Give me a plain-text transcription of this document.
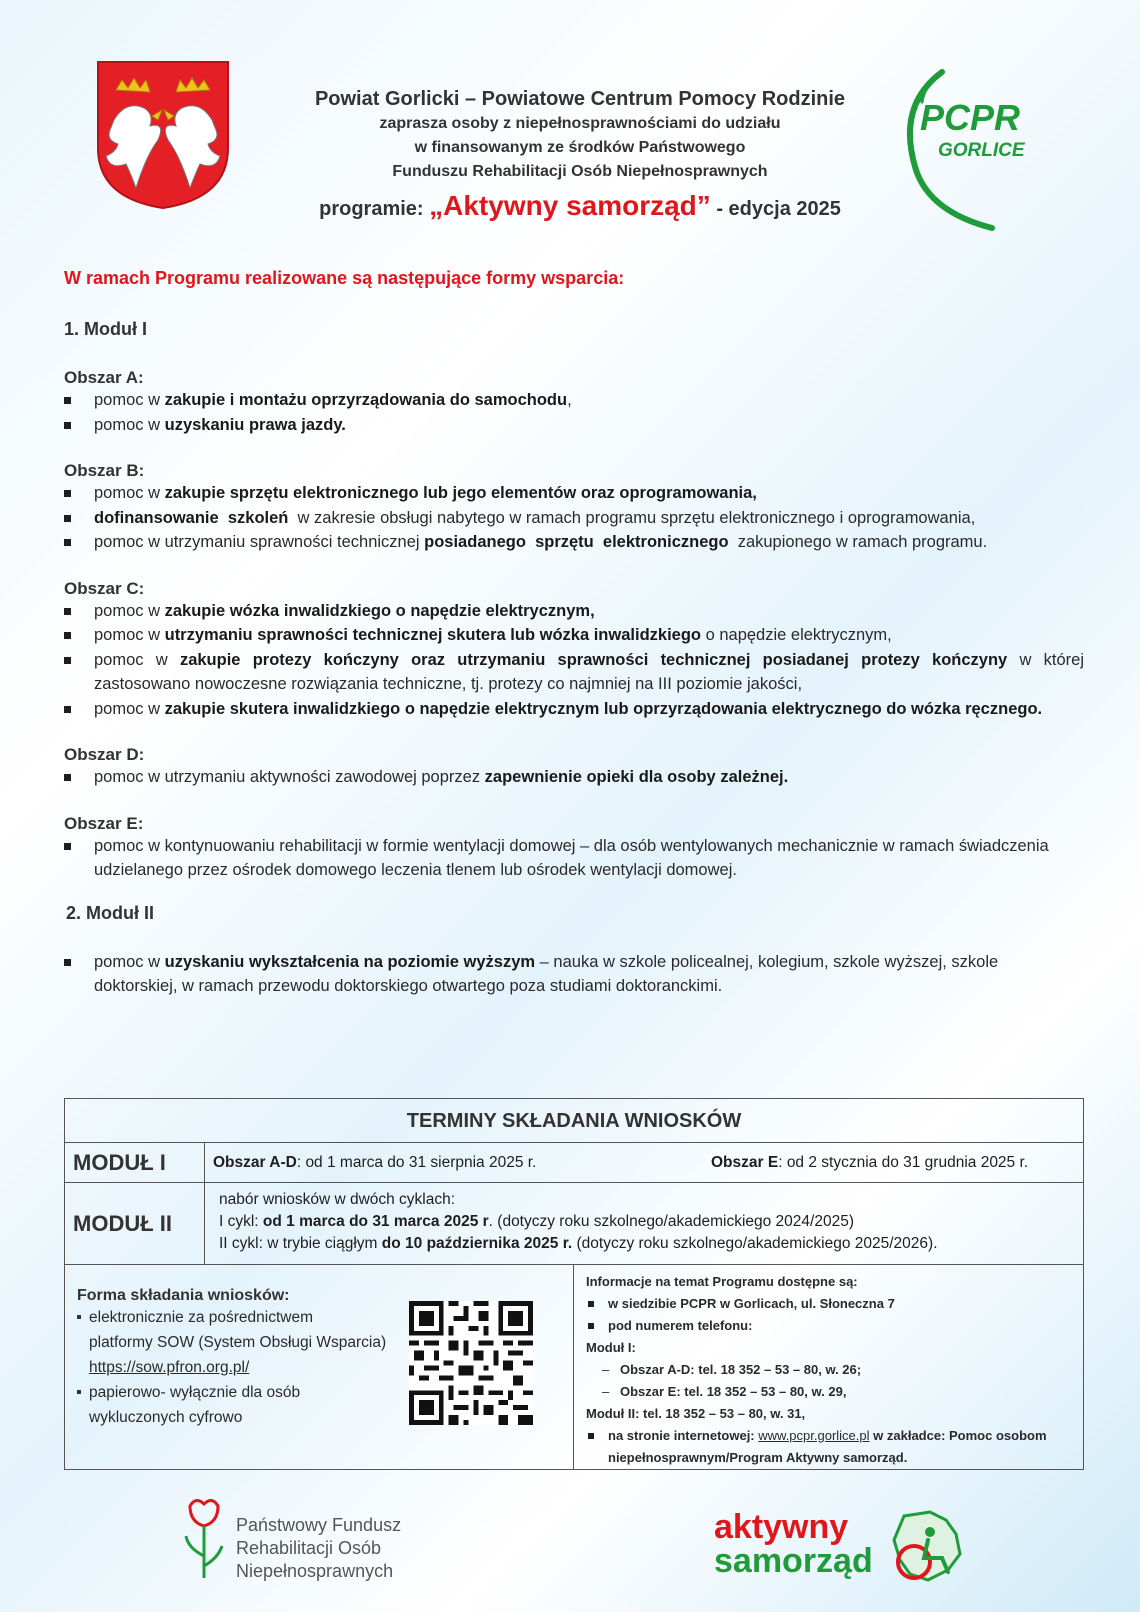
Powiat Gorlicki – Powiatowe Centrum Pomocy Rodzinie
zaprasza osoby z niepełnosprawnościami do udziału
w finansowanym ze środków Państwowego
Funduszu Rehabilitacji Osób Niepełnosprawnych
programie: „Aktywny samorząd” - edycja 2025
PCPR
GORLICE
W ramach Programu realizowane są następujące formy wsparcia:
1. Moduł I
Obszar A:
pomoc w zakupie i montażu oprzyrządowania do samochodu,
pomoc w uzyskaniu prawa jazdy.
Obszar B:
pomoc w zakupie sprzętu elektronicznego lub jego elementów oraz oprogramowania,
dofinansowanie  szkoleń  w zakresie obsługi nabytego w ramach programu sprzętu elektronicznego i oprogramowania,
pomoc w utrzymaniu sprawności technicznej posiadanego  sprzętu  elektronicznego  zakupionego w ramach programu.
Obszar C:
pomoc w zakupie wózka inwalidzkiego o napędzie elektrycznym,
pomoc w utrzymaniu sprawności technicznej skutera lub wózka inwalidzkiego o napędzie elektrycznym,
pomoc w zakupie protezy kończyny oraz utrzymaniu sprawności technicznej posiadanej protezy kończyny w której zastosowano nowoczesne rozwiązania techniczne, tj. protezy co najmniej na III poziomie jakości,
pomoc w zakupie skutera inwalidzkiego o napędzie elektrycznym lub oprzyrządowania elektrycznego do wózka ręcznego.
Obszar D:
pomoc w utrzymaniu aktywności zawodowej poprzez zapewnienie opieki dla osoby zależnej.
Obszar E:
pomoc w kontynuowaniu rehabilitacji w formie wentylacji domowej – dla osób wentylowanych mechanicznie w ramach świadczenia udzielanego przez ośrodek domowego leczenia tlenem lub ośrodek wentylacji domowej.
2. Moduł II
pomoc w uzyskaniu wykształcenia na poziomie wyższym – nauka w szkole policealnej, kolegium, szkole wyższej, szkole doktorskiej, w ramach przewodu doktorskiego otwartego poza studiami doktoranckimi.
TERMINY SKŁADANIA WNIOSKÓW
MODUŁ I	Obszar A-D: od 1 marca do 31 sierpnia 2025 r.	Obszar E: od 2 stycznia do 31 grudnia 2025 r.
MODUŁ II
nabór wniosków w dwóch cyklach:
I cykl: od 1 marca do 31 marca 2025 r. (dotyczy roku szkolnego/akademickiego 2024/2025)
II cykl: w trybie ciągłym do 10 października 2025 r. (dotyczy roku szkolnego/akademickiego 2025/2026).
Forma składania wniosków:
elektronicznie za pośrednictwem
platformy SOW (System Obsługi Wsparcia)
https://sow.pfron.org.pl/
papierowo- wyłącznie dla osób
wykluczonych cyfrowo
Informacje na temat Programu dostępne są:
w siedzibie PCPR w Gorlicach, ul. Słoneczna 7
pod numerem telefonu:
Moduł I:
– Obszar A-D: tel. 18 352 – 53 – 80, w. 26;
– Obszar E: tel. 18 352 – 53 – 80, w. 29,
Moduł II: tel. 18 352 – 53 – 80, w. 31,
na stronie internetowej: www.pcpr.gorlice.pl w zakładce: Pomoc osobom
niepełnosprawnym/Program Aktywny samorząd.
Państwowy Fundusz
Rehabilitacji Osób
Niepełnosprawnych
aktywny
samorząd
